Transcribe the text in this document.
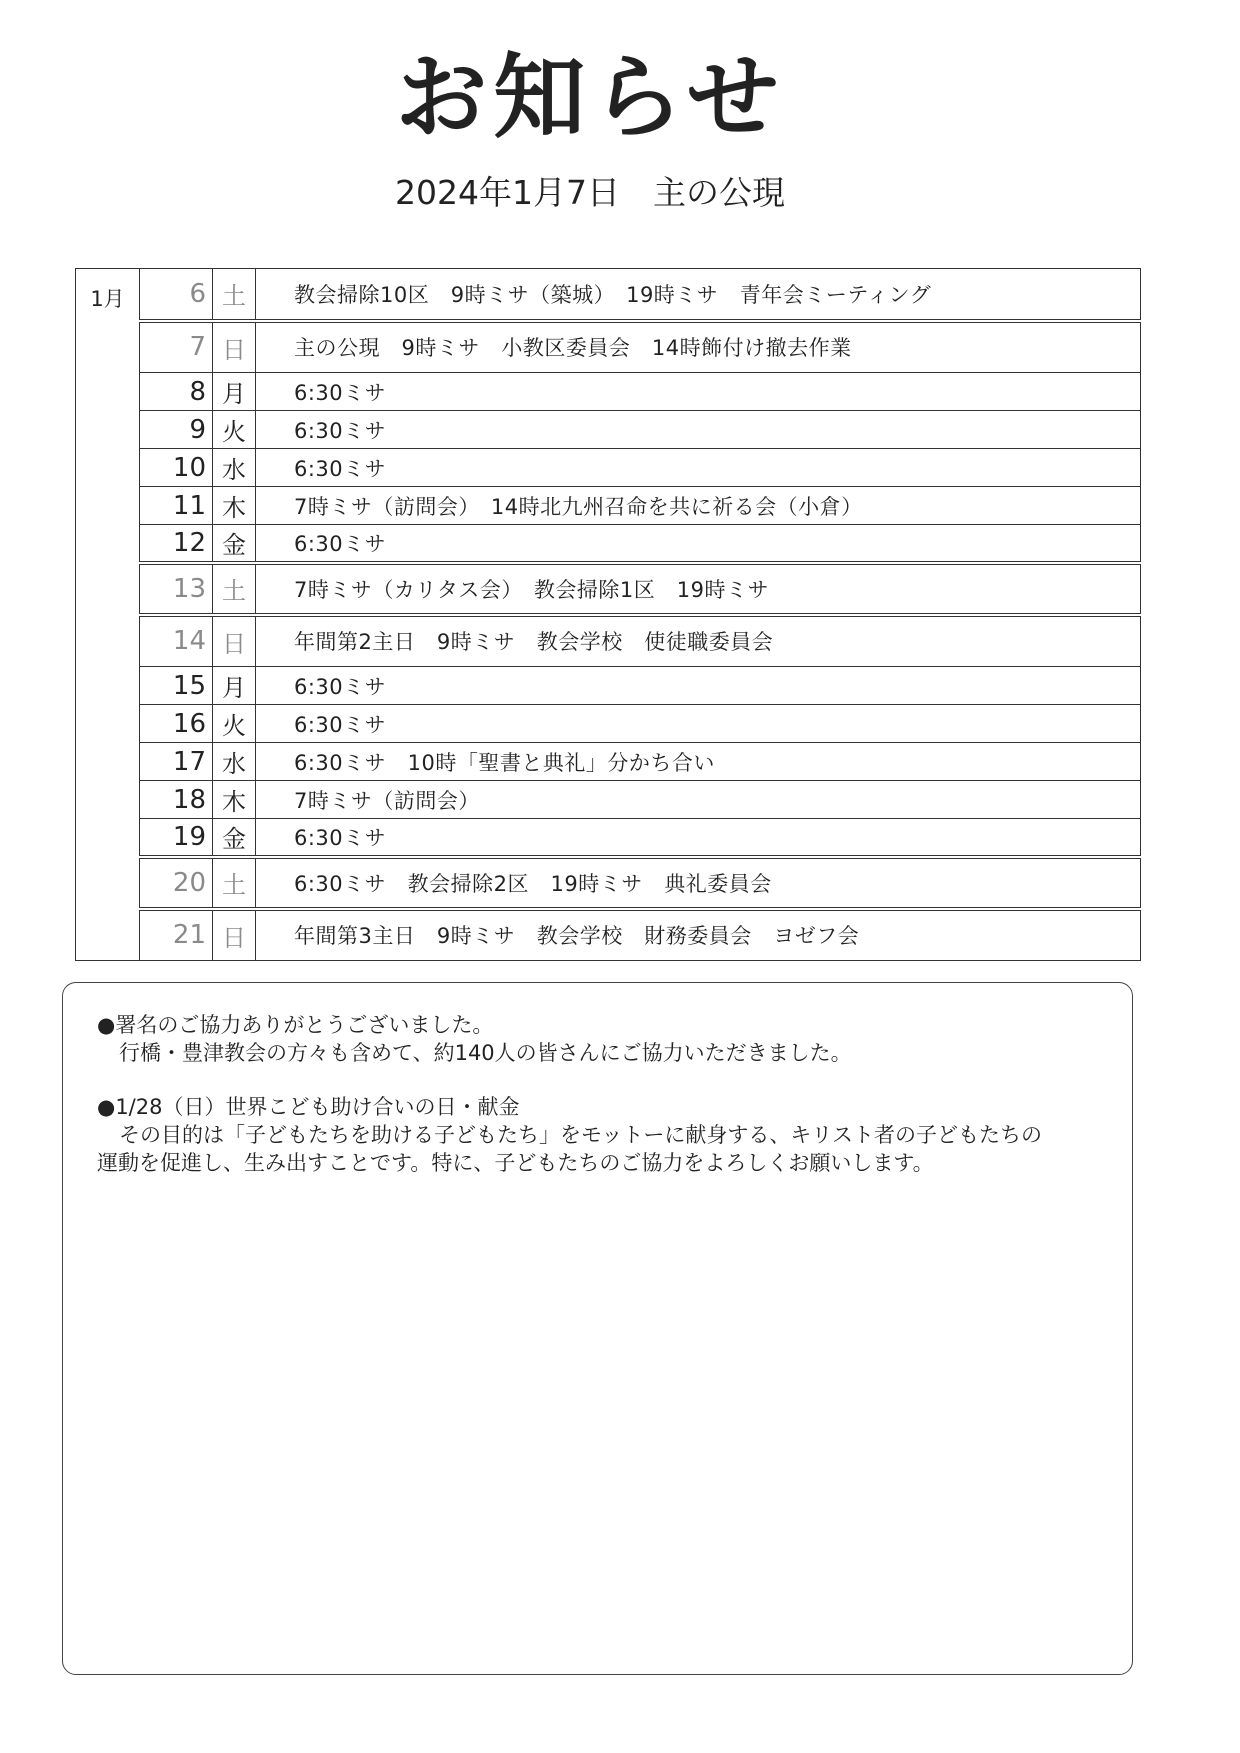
お知らせ
2024年1月7日　主の公現
1月	6	土	教会掃除10区　9時ミサ（築城）　19時ミサ　青年会ミーティング
	7	日	主の公現　9時ミサ　小教区委員会　14時飾付け撤去作業
	8	月	6:30ミサ
	9	火	6:30ミサ
	10	水	6:30ミサ
	11	木	7時ミサ（訪問会）　14時北九州召命を共に祈る会（小倉）
	12	金	6:30ミサ
	13	土	7時ミサ（カリタス会）　教会掃除1区　19時ミサ
	14	日	年間第2主日　9時ミサ　教会学校　使徒職委員会
	15	月	6:30ミサ
	16	火	6:30ミサ
	17	水	6:30ミサ　10時「聖書と典礼」分かち合い
	18	木	7時ミサ（訪問会）
	19	金	6:30ミサ
	20	土	6:30ミサ　教会掃除2区　19時ミサ　典礼委員会
	21	日	年間第3主日　9時ミサ　教会学校　財務委員会　ヨゼフ会
●署名のご協力ありがとうございました。
行橋・豊津教会の方々も含めて、約140人の皆さんにご協力いただきました。
●1/28（日）世界こども助け合いの日・献金
その目的は「子どもたちを助ける子どもたち」をモットーに献身する、キリスト者の子どもたちの
運動を促進し、生み出すことです。特に、子どもたちのご協力をよろしくお願いします。
